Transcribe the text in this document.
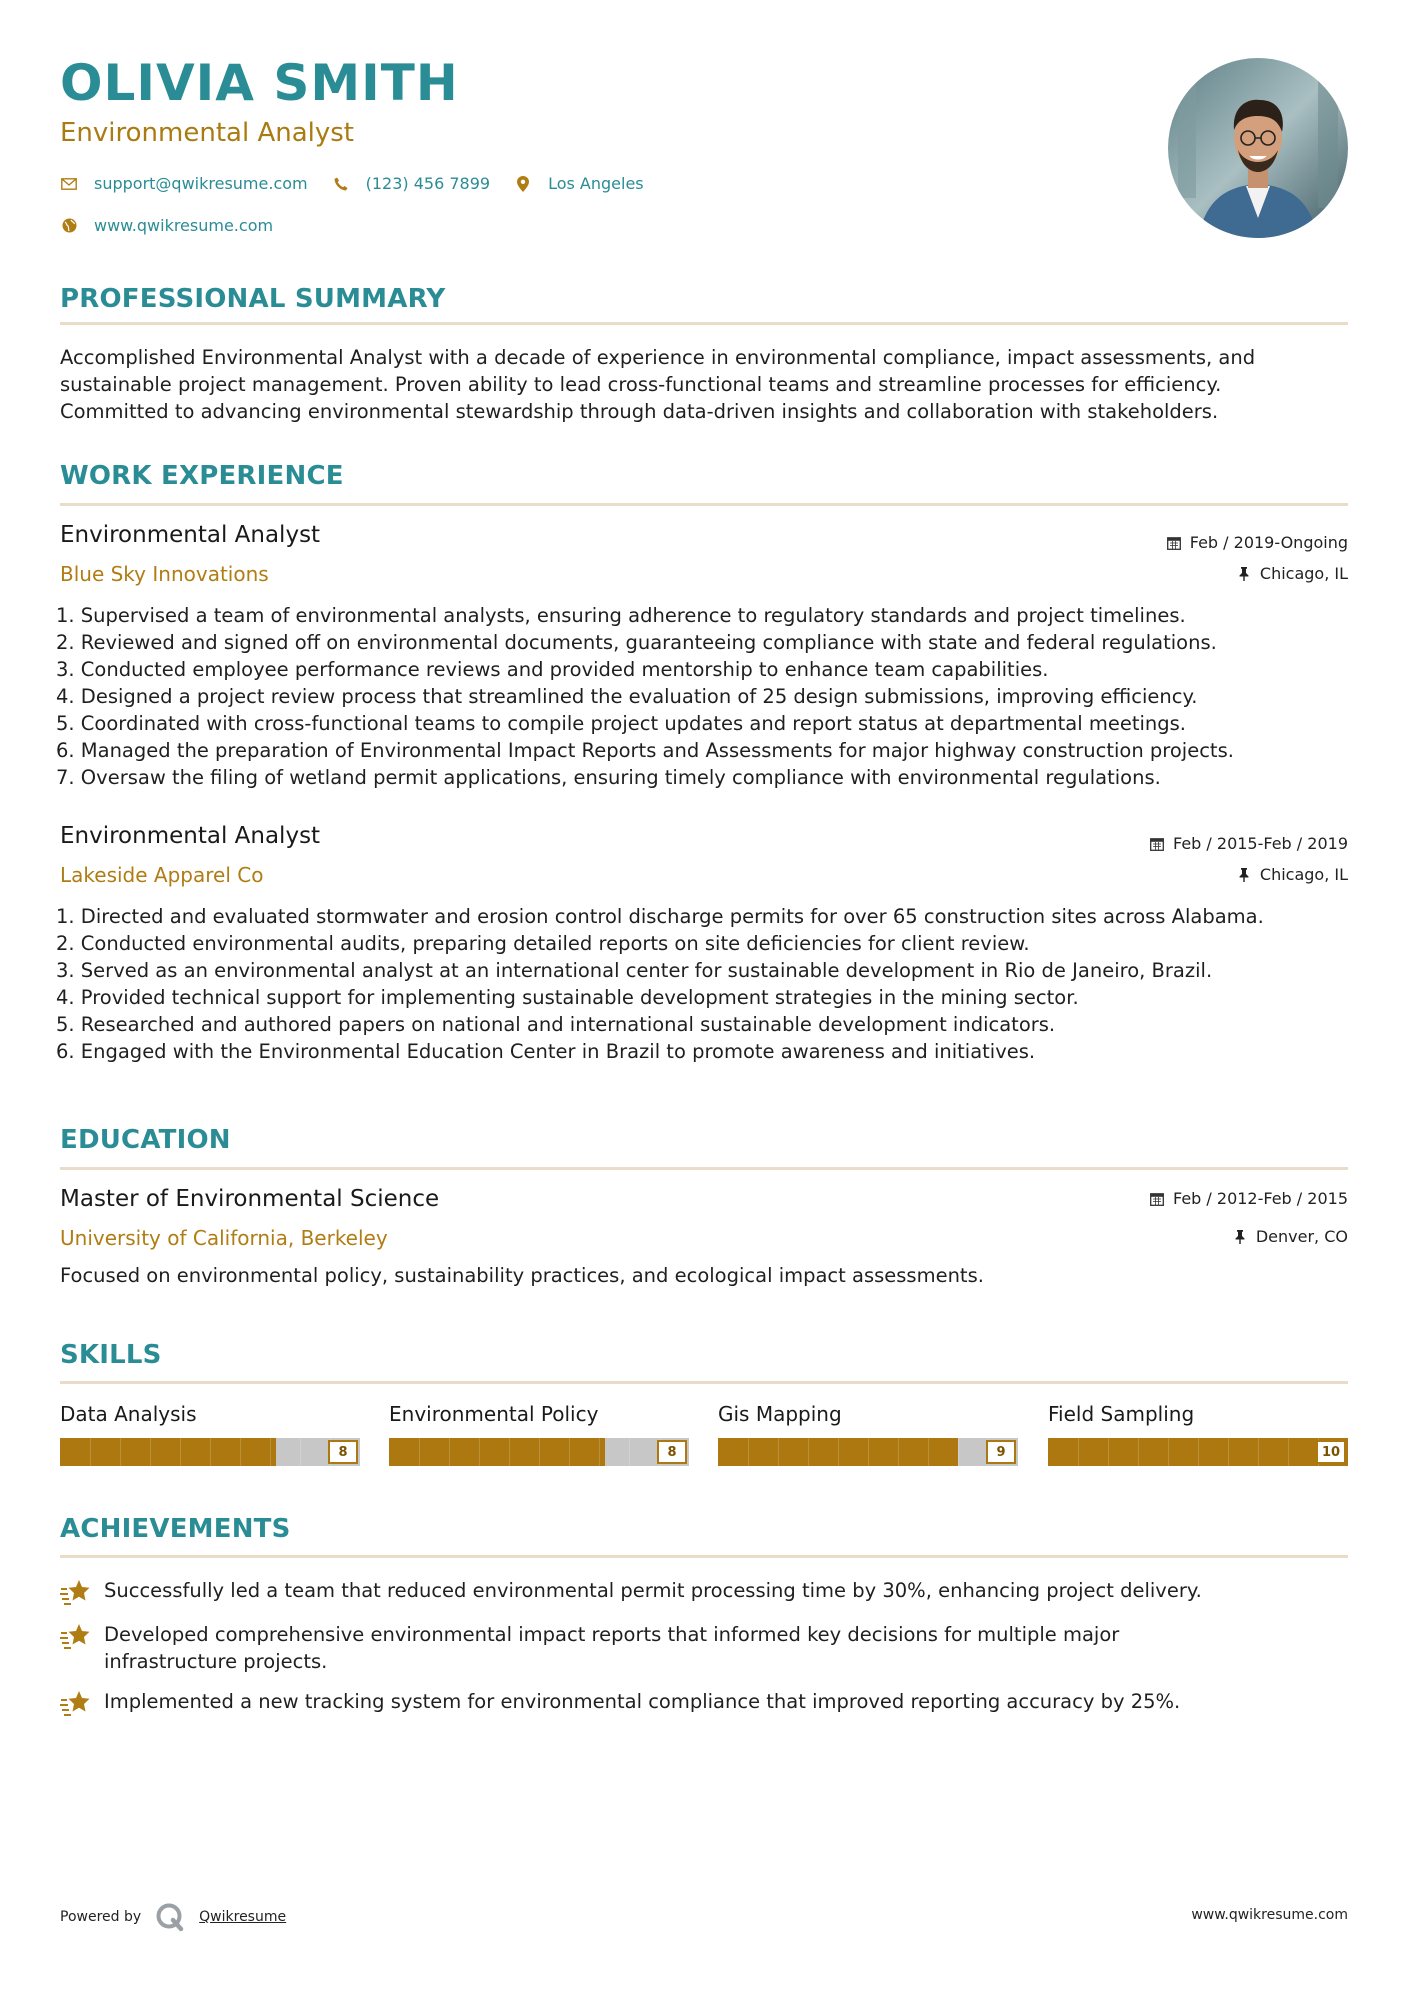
OLIVIA SMITH
Environmental Analyst
support@qwikresume.com	(123) 456 7899	Los Angeles
www.qwikresume.com
PROFESSIONAL SUMMARY
Accomplished Environmental Analyst with a decade of experience in environmental compliance, impact assessments, and
sustainable project management. Proven ability to lead cross-functional teams and streamline processes for efficiency.
Committed to advancing environmental stewardship through data-driven insights and collaboration with stakeholders.
WORK EXPERIENCE
Environmental Analyst
Blue Sky Innovations
Feb / 2019-Ongoing
Chicago, IL
1. Supervised a team of environmental analysts, ensuring adherence to regulatory standards and project timelines.
2. Reviewed and signed off on environmental documents, guaranteeing compliance with state and federal regulations.
3. Conducted employee performance reviews and provided mentorship to enhance team capabilities.
4. Designed a project review process that streamlined the evaluation of 25 design submissions, improving efficiency.
5. Coordinated with cross-functional teams to compile project updates and report status at departmental meetings.
6. Managed the preparation of Environmental Impact Reports and Assessments for major highway construction projects.
7. Oversaw the filing of wetland permit applications, ensuring timely compliance with environmental regulations.
Environmental Analyst
Lakeside Apparel Co
Feb / 2015-Feb / 2019
Chicago, IL
1. Directed and evaluated stormwater and erosion control discharge permits for over 65 construction sites across Alabama.
2. Conducted environmental audits, preparing detailed reports on site deficiencies for client review.
3. Served as an environmental analyst at an international center for sustainable development in Rio de Janeiro, Brazil.
4. Provided technical support for implementing sustainable development strategies in the mining sector.
5. Researched and authored papers on national and international sustainable development indicators.
6. Engaged with the Environmental Education Center in Brazil to promote awareness and initiatives.
EDUCATION
Master of Environmental Science
University of California, Berkeley
Feb / 2012-Feb / 2015
Denver, CO
Focused on environmental policy, sustainability practices, and ecological impact assessments.
SKILLS
Data Analysis
8
Environmental Policy
8
Gis Mapping
9
Field Sampling
10
ACHIEVEMENTS
Successfully led a team that reduced environmental permit processing time by 30%, enhancing project delivery.
Developed comprehensive environmental impact reports that informed key decisions for multiple major
infrastructure projects.
Implemented a new tracking system for environmental compliance that improved reporting accuracy by 25%.
Powered by	Qwikresume	www.qwikresume.com
